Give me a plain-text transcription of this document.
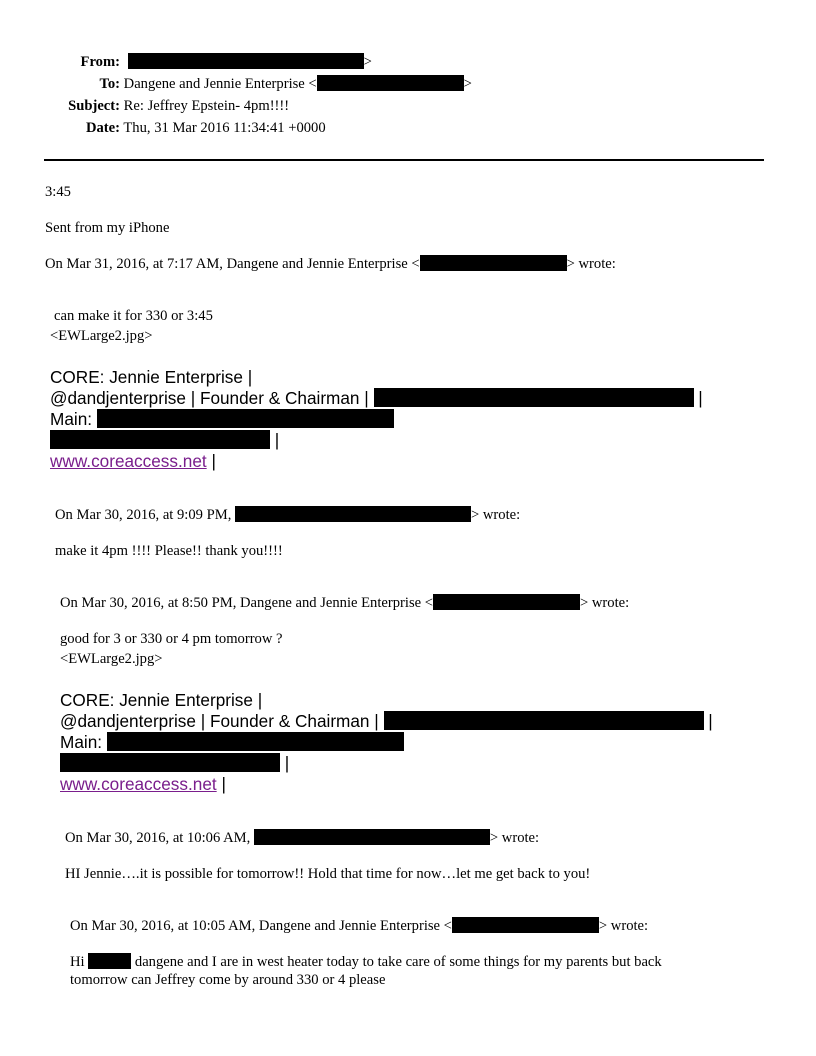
From:	>
To: Dangene and Jennie Enterprise <	>
Subject: Re: Jeffrey Epstein- 4pm!!!!
Date: Thu, 31 Mar 2016 11:34:41 +0000
3:45
Sent from my iPhone
On Mar 31, 2016, at 7:17 AM, Dangene and Jennie Enterprise <	> wrote:
can make it for 330 or 3:45
<EWLarge2.jpg>
CORE: Jennie Enterprise |
@dandjenterprise | Founder & Chairman |	|
Main:
|
www.coreaccess.net |
On Mar 30, 2016, at 9:09 PM,	> wrote:
make it 4pm !!!! Please!! thank you!!!!
On Mar 30, 2016, at 8:50 PM, Dangene and Jennie Enterprise <	> wrote:
good for 3 or 330 or 4 pm tomorrow ?
<EWLarge2.jpg>
CORE: Jennie Enterprise |
@dandjenterprise | Founder & Chairman |	|
Main:
|
www.coreaccess.net |
On Mar 30, 2016, at 10:06 AM,	> wrote:
HI Jennie….it is possible for tomorrow!! Hold that time for now…let me get back to you!
On Mar 30, 2016, at 10:05 AM, Dangene and Jennie Enterprise <	> wrote:
Hi	dangene and I are in west heater today to take care of some things for my parents but back
tomorrow can Jeffrey come by around 330 or 4 please
